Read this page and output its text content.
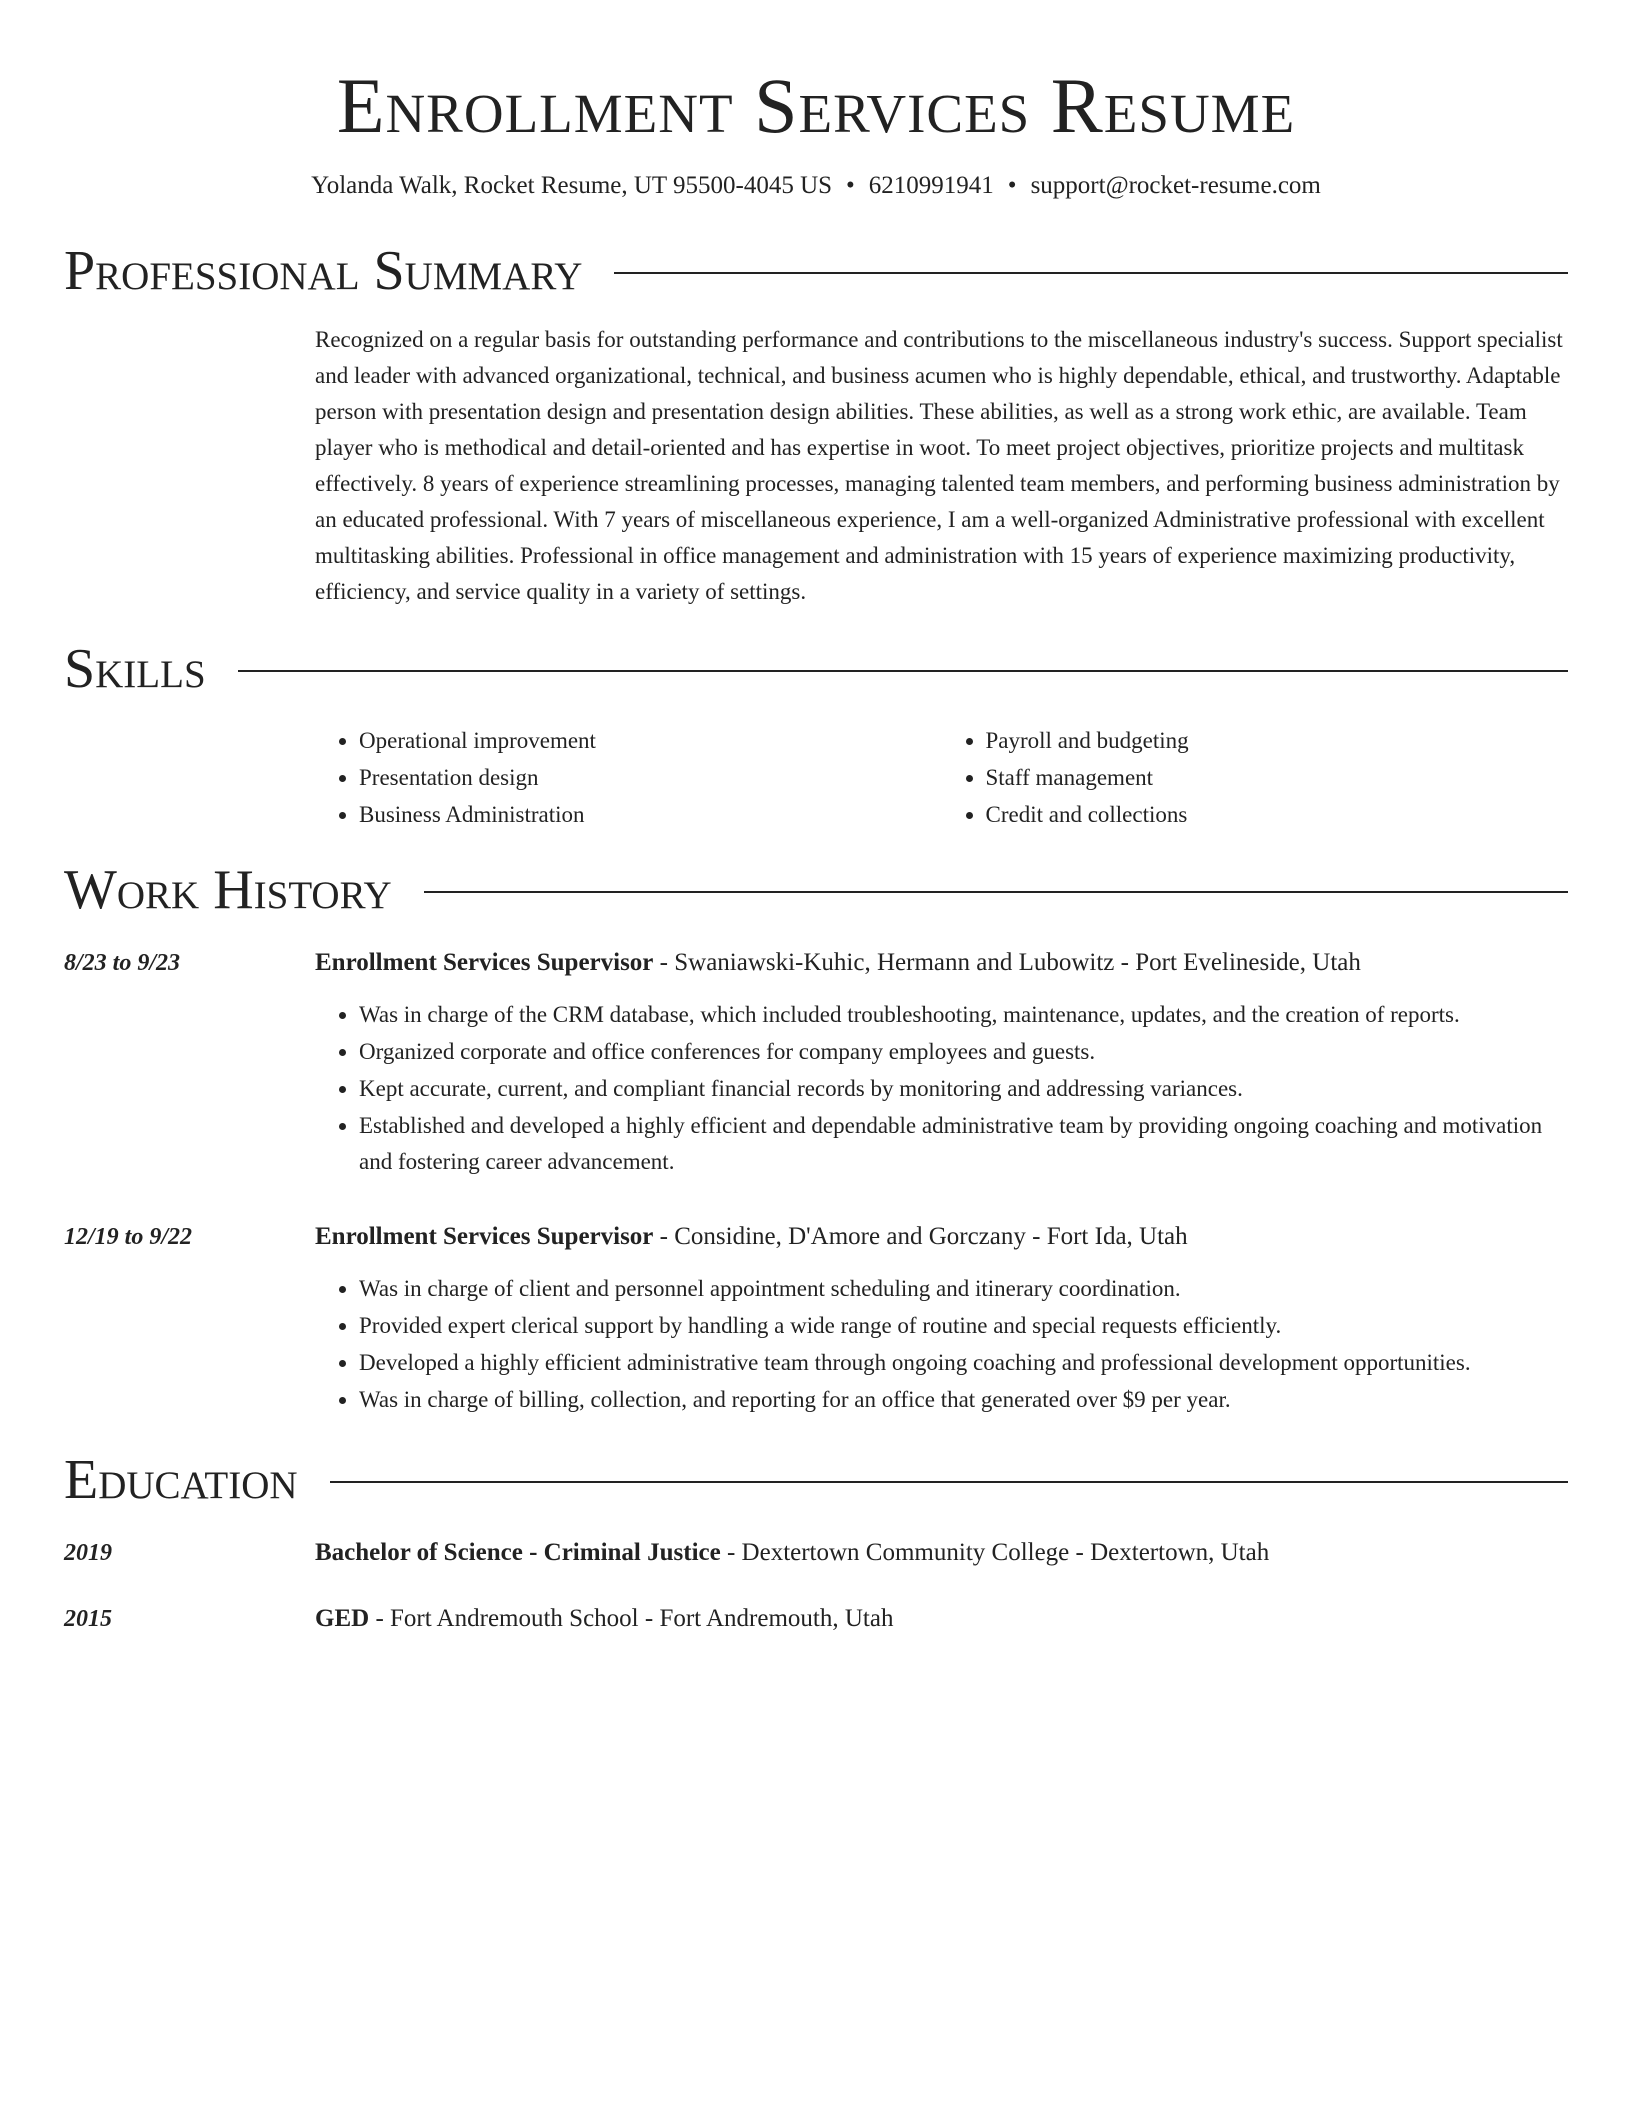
Enrollment Services Resume
Yolanda Walk, Rocket Resume, UT 95500-4045 US • 6210991941 • support@rocket-resume.com
Professional Summary
Recognized on a regular basis for outstanding performance and contributions to the miscellaneous industry's success. Support specialist and leader with advanced organizational, technical, and business acumen who is highly dependable, ethical, and trustworthy. Adaptable person with presentation design and presentation design abilities. These abilities, as well as a strong work ethic, are available. Team player who is methodical and detail-oriented and has expertise in woot. To meet project objectives, prioritize projects and multitask effectively. 8 years of experience streamlining processes, managing talented team members, and performing business administration by an educated professional. With 7 years of miscellaneous experience, I am a well-organized Administrative professional with excellent multitasking abilities. Professional in office management and administration with 15 years of experience maximizing productivity, efficiency, and service quality in a variety of settings.
Skills
• Operational improvement
• Presentation design
• Business Administration
• Payroll and budgeting
• Staff management
• Credit and collections
Work History
8/23 to 9/23	Enrollment Services Supervisor - Swaniawski-Kuhic, Hermann and Lubowitz - Port Evelineside, Utah
• Was in charge of the CRM database, which included troubleshooting, maintenance, updates, and the creation of reports.
• Organized corporate and office conferences for company employees and guests.
• Kept accurate, current, and compliant financial records by monitoring and addressing variances.
• Established and developed a highly efficient and dependable administrative team by providing ongoing coaching and motivation and fostering career advancement.
12/19 to 9/22	Enrollment Services Supervisor - Considine, D'Amore and Gorczany - Fort Ida, Utah
• Was in charge of client and personnel appointment scheduling and itinerary coordination.
• Provided expert clerical support by handling a wide range of routine and special requests efficiently.
• Developed a highly efficient administrative team through ongoing coaching and professional development opportunities.
• Was in charge of billing, collection, and reporting for an office that generated over $9 per year.
Education
2019	Bachelor of Science - Criminal Justice - Dextertown Community College - Dextertown, Utah
2015	GED - Fort Andremouth School - Fort Andremouth, Utah
